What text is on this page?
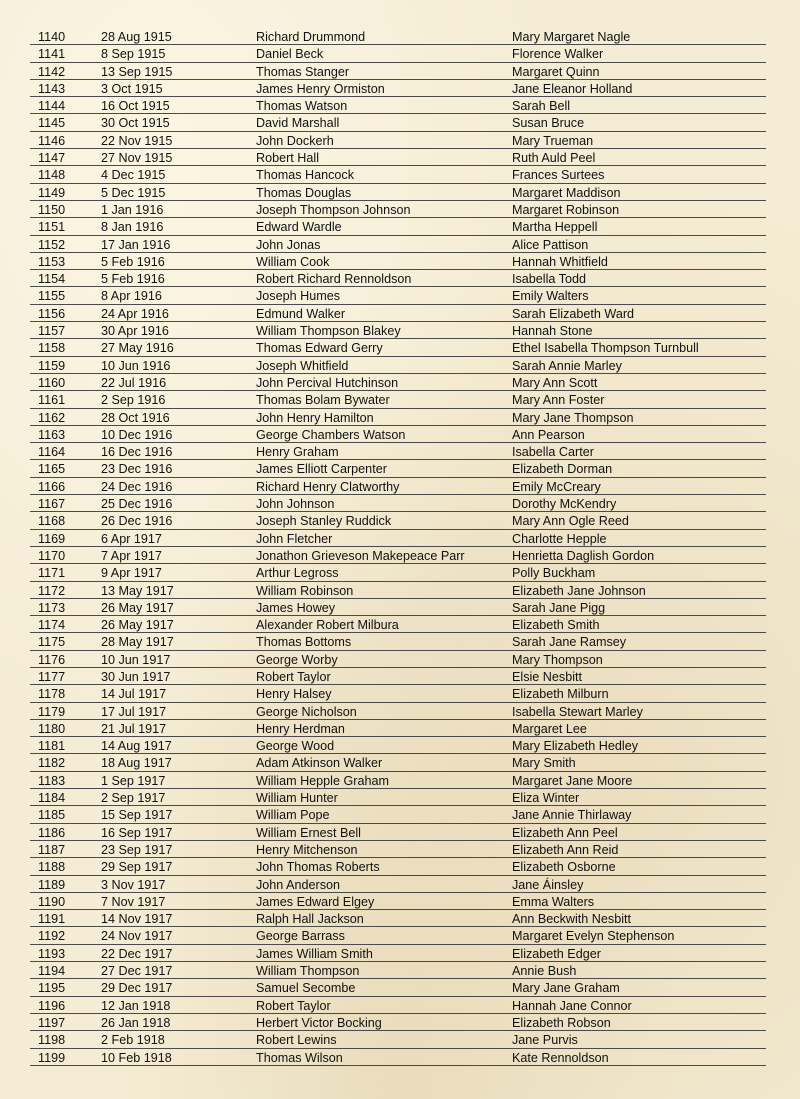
1140	28 Aug 1915	Richard Drummond	Mary Margaret Nagle
1141	8 Sep 1915	Daniel Beck	Florence Walker
1142	13 Sep 1915	Thomas Stanger	Margaret Quinn
1143	3 Oct 1915	James Henry Ormiston	Jane Eleanor Holland
1144	16 Oct 1915	Thomas Watson	Sarah Bell
1145	30 Oct 1915	David Marshall	Susan Bruce
1146	22 Nov 1915	John Dockerh	Mary Trueman
1147	27 Nov 1915	Robert Hall	Ruth Auld Peel
1148	4 Dec 1915	Thomas Hancock	Frances Surtees
1149	5 Dec 1915	Thomas Douglas	Margaret Maddison
1150	1 Jan 1916	Joseph Thompson Johnson	Margaret Robinson
1151	8 Jan 1916	Edward Wardle	Martha Heppell
1152	17 Jan 1916	John Jonas	Alice Pattison
1153	5 Feb 1916	William Cook	Hannah Whitfield
1154	5 Feb 1916	Robert Richard Rennoldson	Isabella Todd
1155	8 Apr 1916	Joseph Humes	Emily Walters
1156	24 Apr 1916	Edmund Walker	Sarah Elizabeth Ward
1157	30 Apr 1916	William Thompson Blakey	Hannah Stone
1158	27 May 1916	Thomas Edward Gerry	Ethel Isabella Thompson Turnbull
1159	10 Jun 1916	Joseph Whitfield	Sarah Annie Marley
1160	22 Jul 1916	John Percival Hutchinson	Mary Ann Scott
1161	2 Sep 1916	Thomas Bolam Bywater	Mary Ann Foster
1162	28 Oct 1916	John Henry Hamilton	Mary Jane Thompson
1163	10 Dec 1916	George Chambers Watson	Ann Pearson
1164	16 Dec 1916	Henry Graham	Isabella Carter
1165	23 Dec 1916	James Elliott Carpenter	Elizabeth Dorman
1166	24 Dec 1916	Richard Henry Clatworthy	Emily McCreary
1167	25 Dec 1916	John Johnson	Dorothy McKendry
1168	26 Dec 1916	Joseph Stanley Ruddick	Mary Ann Ogle Reed
1169	6 Apr 1917	John Fletcher	Charlotte Hepple
1170	7 Apr 1917	Jonathon Grieveson Makepeace Parr	Henrietta Daglish Gordon
1171	9 Apr 1917	Arthur Legross	Polly Buckham
1172	13 May 1917	William Robinson	Elizabeth Jane Johnson
1173	26 May 1917	James Howey	Sarah Jane Pigg
1174	26 May 1917	Alexander Robert Milbura	Elizabeth Smith
1175	28 May 1917	Thomas Bottoms	Sarah Jane Ramsey
1176	10 Jun 1917	George Worby	Mary Thompson
1177	30 Jun 1917	Robert Taylor	Elsie Nesbitt
1178	14 Jul 1917	Henry Halsey	Elizabeth Milburn
1179	17 Jul 1917	George Nicholson	Isabella Stewart Marley
1180	21 Jul 1917	Henry Herdman	Margaret Lee
1181	14 Aug 1917	George Wood	Mary Elizabeth Hedley
1182	18 Aug 1917	Adam Atkinson Walker	Mary Smith
1183	1 Sep 1917	William Hepple Graham	Margaret Jane Moore
1184	2 Sep 1917	William Hunter	Eliza Winter
1185	15 Sep 1917	William Pope	Jane Annie Thirlaway
1186	16 Sep 1917	William Ernest Bell	Elizabeth Ann Peel
1187	23 Sep 1917	Henry Mitchenson	Elizabeth Ann Reid
1188	29 Sep 1917	John Thomas Roberts	Elizabeth Osborne
1189	3 Nov 1917	John Anderson	Jane Áinsley
1190	7 Nov 1917	James Edward Elgey	Emma Walters
1191	14 Nov 1917	Ralph Hall Jackson	Ann Beckwith Nesbitt
1192	24 Nov 1917	George Barrass	Margaret Evelyn Stephenson
1193	22 Dec 1917	James William Smith	Elizabeth Edger
1194	27 Dec 1917	William Thompson	Annie Bush
1195	29 Dec 1917	Samuel Secombe	Mary Jane Graham
1196	12 Jan 1918	Robert Taylor	Hannah Jane Connor
1197	26 Jan 1918	Herbert Victor Bocking	Elizabeth Robson
1198	2 Feb 1918	Robert Lewins	Jane Purvis
1199	10 Feb 1918	Thomas Wilson	Kate Rennoldson
